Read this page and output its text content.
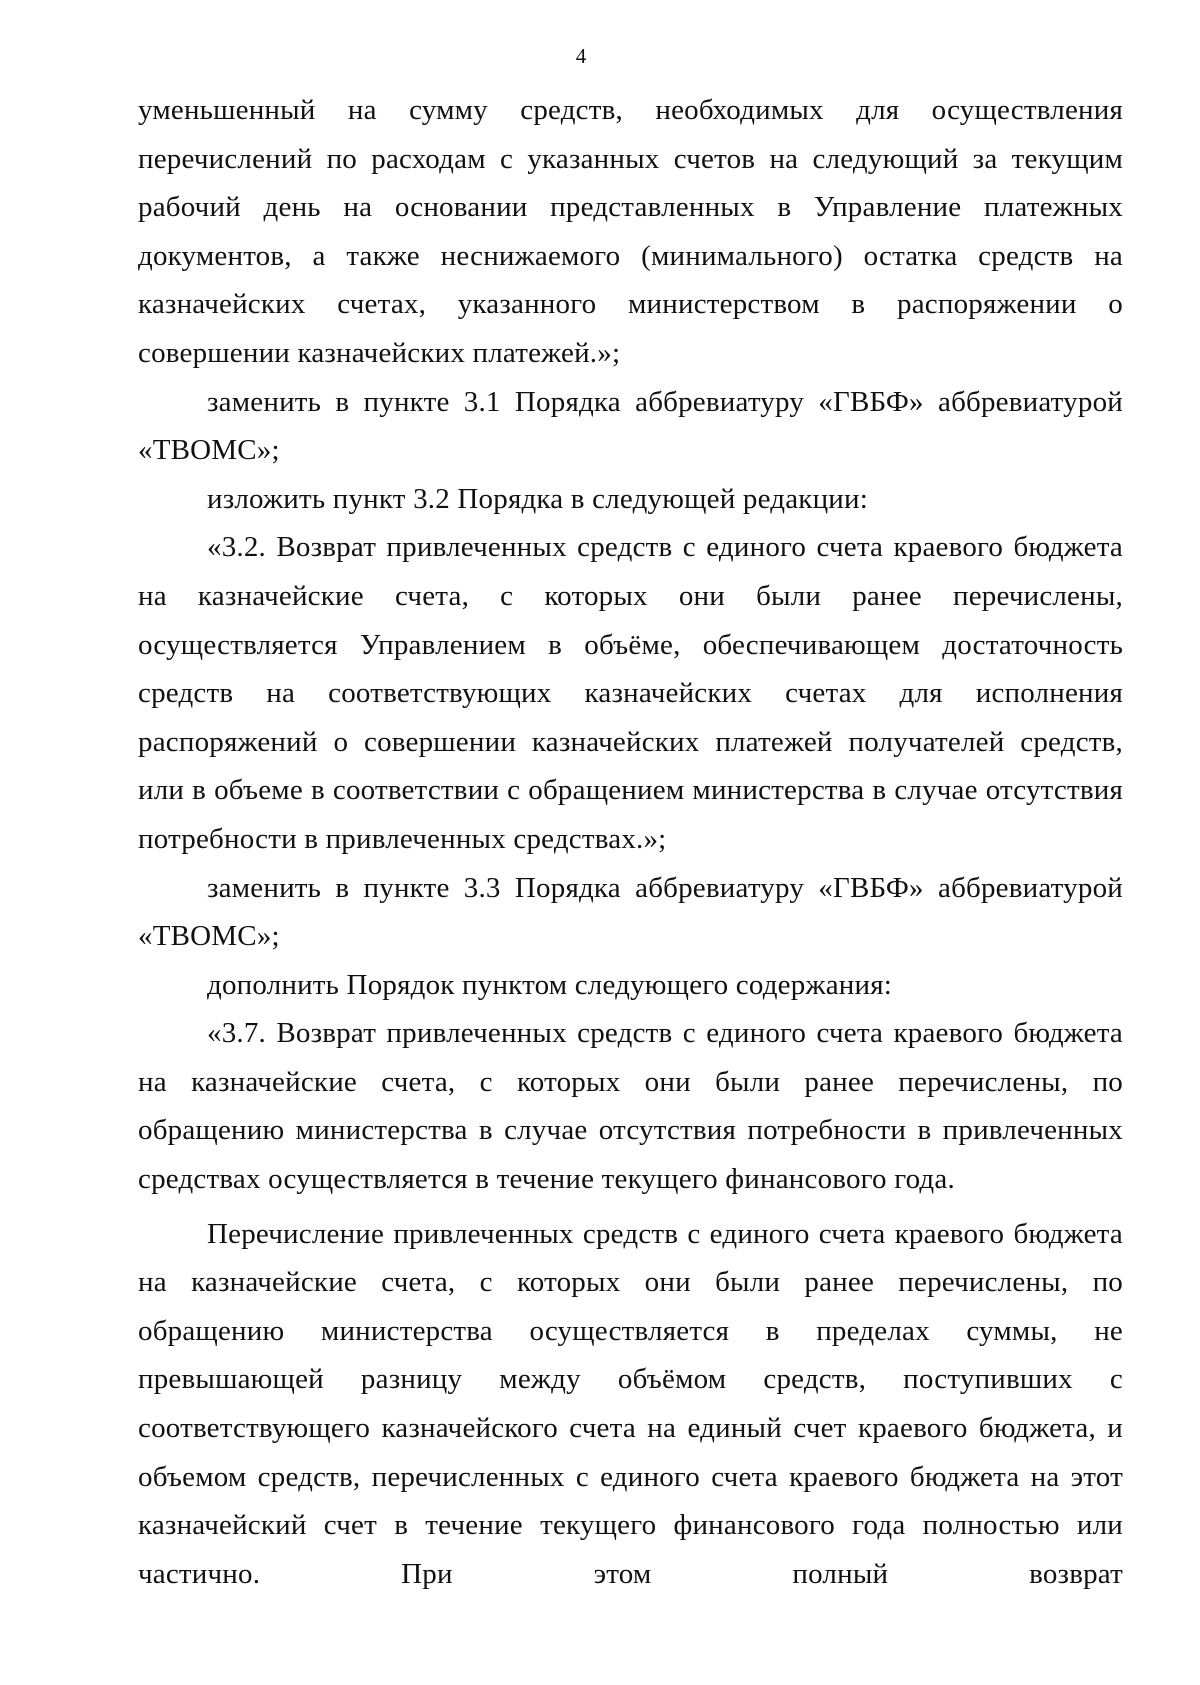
4

уменьшенный на сумму средств, необходимых для осуществления перечислений по расходам с указанных счетов на следующий за текущим рабочий день на основании представленных в Управление платежных документов, а также неснижаемого (минимального) остатка средств на казначейских счетах, указанного министерством в распоряжении о совершении казначейских платежей.»;

заменить в пункте 3.1 Порядка аббревиатуру «ГВБФ» аббревиатурой «ТВОМС»;

изложить пункт 3.2 Порядка в следующей редакции:

«3.2. Возврат привлеченных средств с единого счета краевого бюджета на казначейские счета, с которых они были ранее перечислены, осуществляется Управлением в объёме, обеспечивающем достаточность средств на соответствующих казначейских счетах для исполнения распоряжений о совершении казначейских платежей получателей средств, или в объеме в соответствии с обращением министерства в случае отсутствия потребности в привлеченных средствах.»;

заменить в пункте 3.3 Порядка аббревиатуру «ГВБФ» аббревиатурой «ТВОМС»;

дополнить Порядок пунктом следующего содержания:

«3.7. Возврат привлеченных средств с единого счета краевого бюджета на казначейские счета, с которых они были ранее перечислены, по обращению министерства в случае отсутствия потребности в привлеченных средствах осуществляется в течение текущего финансового года.

Перечисление привлеченных средств с единого счета краевого бюджета на казначейские счета, с которых они были ранее перечислены, по обращению министерства осуществляется в пределах суммы, не превышающей разницу между объёмом средств, поступивших с соответствующего казначейского счета на единый счет краевого бюджета, и объемом средств, перечисленных с единого счета краевого бюджета на этот казначейский счет в течение текущего финансового года полностью или частично. При этом полный возврат
